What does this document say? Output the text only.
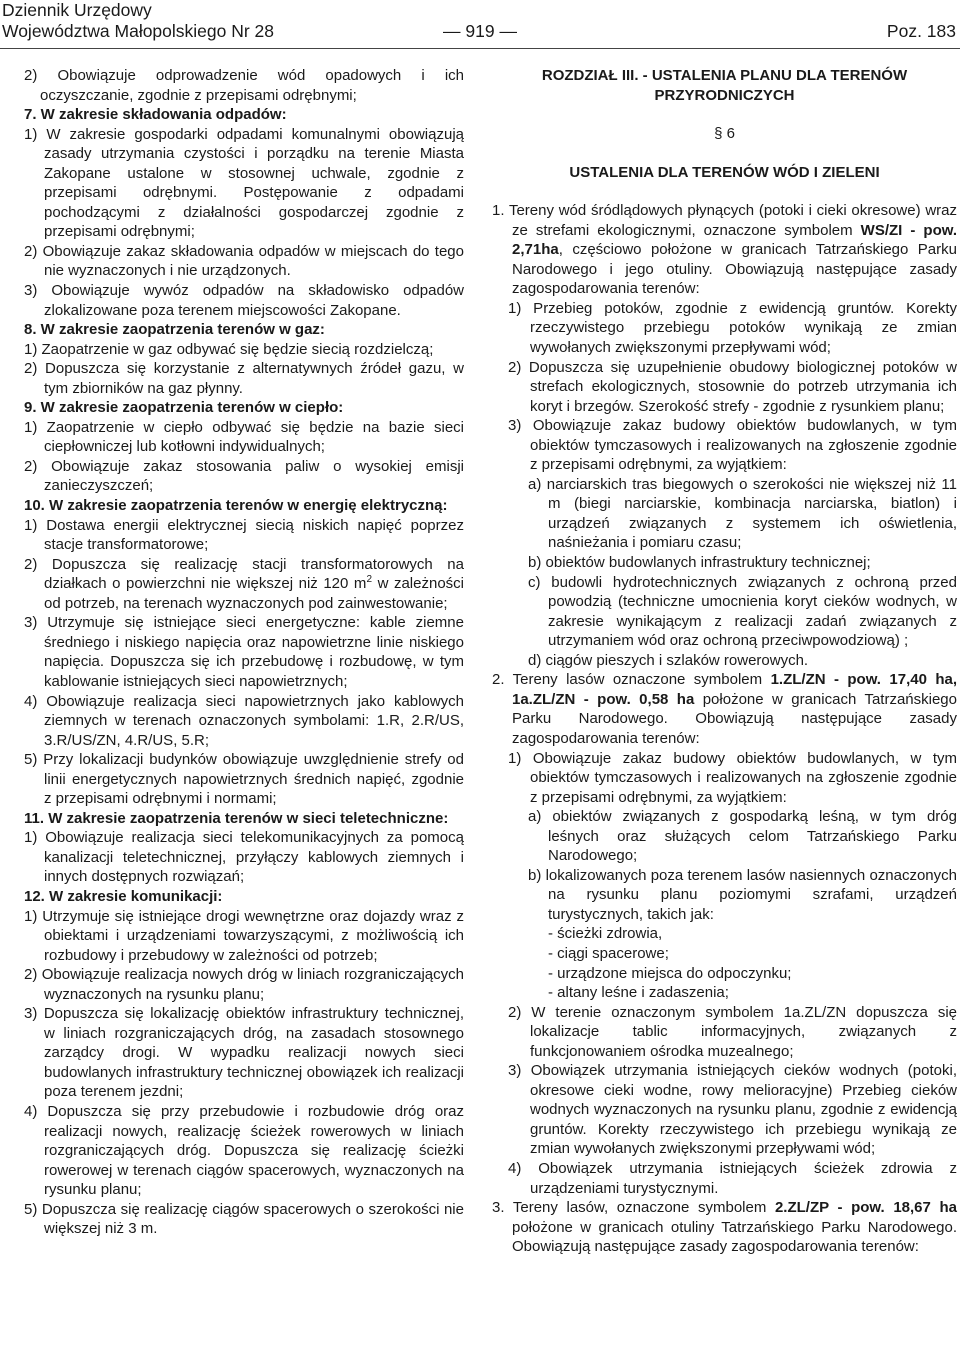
Dziennik Urzędowy
Województwa Małopolskiego Nr 28	— 919 —	Poz. 183

2) Obowiązuje odprowadzenie wód opadowych i ich oczyszczanie, zgodnie z przepisami odrębnymi;

7. W zakresie składowania odpadów:

1) W zakresie gospodarki odpadami komunalnymi obowiązują zasady utrzymania czystości i porządku na terenie Miasta Zakopane ustalone w stosownej uchwale, zgodnie z przepisami odrębnymi. Postępowanie z odpadami pochodzącymi z działalności gospodarczej zgodnie z przepisami odrębnymi;

2) Obowiązuje zakaz składowania odpadów w miejscach do tego nie wyznaczonych i nie urządzonych.

3) Obowiązuje wywóz odpadów na składowisko odpadów zlokalizowane poza terenem miejscowości Zakopane.

8. W zakresie zaopatrzenia terenów w gaz:

1) Zaopatrzenie w gaz odbywać się będzie siecią rozdzielczą;

2) Dopuszcza się korzystanie z alternatywnych źródeł gazu, w tym zbiorników na gaz płynny.

9. W zakresie zaopatrzenia terenów w ciepło:

1) Zaopatrzenie w ciepło odbywać się będzie na bazie sieci ciepłowniczej lub kotłowni indywidualnych;

2) Obowiązuje zakaz stosowania paliw o wysokiej emisji zanieczyszczeń;

10. W zakresie zaopatrzenia terenów w energię elektryczną:

1) Dostawa energii elektrycznej siecią niskich napięć poprzez stacje transformatorowe;

2) Dopuszcza się realizację stacji transformatorowych na działkach o powierzchni nie większej niż 120 $m^2$ w zależności od potrzeb, na terenach wyznaczonych pod zainwestowanie;

3) Utrzymuje się istniejące sieci energetyczne: kable ziemne średniego i niskiego napięcia oraz napowietrzne linie niskiego napięcia. Dopuszcza się ich przebudowę i rozbudowę, w tym kablowanie istniejących sieci napowietrznych;

4) Obowiązuje realizacja sieci napowietrznych jako kablowych ziemnych w terenach oznaczonych symbolami: 1.R, 2.R/US, 3.R/US/ZN, 4.R/US, 5.R;

5) Przy lokalizacji budynków obowiązuje uwzględnienie strefy od linii energetycznych napowietrznych średnich napięć, zgodnie z przepisami odrębnymi i normami;

11. W zakresie zaopatrzenia terenów w sieci teletechniczne:

1) Obowiązuje realizacja sieci telekomunikacyjnych za pomocą kanalizacji teletechnicznej, przyłączy kablowych ziemnych i innych dostępnych rozwiązań;

12. W zakresie komunikacji:

1) Utrzymuje się istniejące drogi wewnętrzne oraz dojazdy wraz z obiektami i urządzeniami towarzyszącymi, z możliwością ich rozbudowy i przebudowy w zależności od potrzeb;

2) Obowiązuje realizacja nowych dróg w liniach rozgraniczających wyznaczonych na rysunku planu;

3) Dopuszcza się lokalizację obiektów infrastruktury technicznej, w liniach rozgraniczających dróg, na zasadach stosownego zarządcy drogi. W wypadku realizacji nowych sieci budowlanych infrastruktury technicznej obowiązek ich realizacji poza terenem jezdni;

4) Dopuszcza się przy przebudowie i rozbudowie dróg oraz realizacji nowych, realizację ścieżek rowerowych w liniach rozgraniczających dróg. Dopuszcza się realizację ścieżki rowerowej w terenach ciągów spacerowych, wyznaczonych na rysunku planu;

5) Dopuszcza się realizację ciągów spacerowych o szerokości nie większej niż 3 m.

ROZDZIAŁ III. - USTALENIA PLANU DLA TERENÓW PRZYRODNICZYCH

§ 6

USTALENIA DLA TERENÓW WÓD I ZIELENI

1. Tereny wód śródlądowych płynących (potoki i cieki okresowe) wraz ze strefami ekologicznymi, oznaczone symbolem WS/ZI - pow. 2,71ha, częściowo położone w granicach Tatrzańskiego Parku Narodowego i jego otuliny. Obowiązują następujące zasady zagospodarowania terenów:

1) Przebieg potoków, zgodnie z ewidencją gruntów. Korekty rzeczywistego przebiegu potoków wynikają ze zmian wywołanych zwiększonymi przepływami wód;

2) Dopuszcza się uzupełnienie obudowy biologicznej potoków w strefach ekologicznych, stosownie do potrzeb utrzymania ich koryt i brzegów. Szerokość strefy - zgodnie z rysunkiem planu;

3) Obowiązuje zakaz budowy obiektów budowlanych, w tym obiektów tymczasowych i realizowanych na zgłoszenie zgodnie z przepisami odrębnymi, za wyjątkiem:

a) narciarskich tras biegowych o szerokości nie większej niż 11 m (biegi narciarskie, kombinacja narciarska, biatlon) i urządzeń związanych z systemem ich oświetlenia, naśnieżania i pomiaru czasu;

b) obiektów budowlanych infrastruktury technicznej;

c) budowli hydrotechnicznych związanych z ochroną przed powodzią (techniczne umocnienia koryt cieków wodnych, w zakresie wynikającym z realizacji zadań związanych z utrzymaniem wód oraz ochroną przeciwpowodziową) ;

d) ciągów pieszych i szlaków rowerowych.

2. Tereny lasów oznaczone symbolem 1.ZL/ZN - pow. 17,40 ha, 1a.ZL/ZN - pow. 0,58 ha położone w granicach Tatrzańskiego Parku Narodowego. Obowiązują następujące zasady zagospodarowania terenów:

1) Obowiązuje zakaz budowy obiektów budowlanych, w tym obiektów tymczasowych i realizowanych na zgłoszenie zgodnie z przepisami odrębnymi, za wyjątkiem:

a) obiektów związanych z gospodarką leśną, w tym dróg leśnych oraz służących celom Tatrzańskiego Parku Narodowego;

b) lokalizowanych poza terenem lasów nasiennych oznaczonych na rysunku planu poziomymi szrafami, urządzeń turystycznych, takich jak:

- ścieżki zdrowia,

- ciągi spacerowe;

- urządzone miejsca do odpoczynku;

- altany leśne i zadaszenia;

2) W terenie oznaczonym symbolem 1a.ZL/ZN dopuszcza się lokalizacje tablic informacyjnych, związanych z funkcjonowaniem ośrodka muzealnego;

3) Obowiązek utrzymania istniejących cieków wodnych (potoki, okresowe cieki wodne, rowy melioracyjne) Przebieg cieków wodnych wyznaczonych na rysunku planu, zgodnie z ewidencją gruntów. Korekty rzeczywistego ich przebiegu wynikają ze zmian wywołanych zwiększonymi przepływami wód;

4) Obowiązek utrzymania istniejących ścieżek zdrowia z urządzeniami turystycznymi.

3. Tereny lasów, oznaczone symbolem 2.ZL/ZP - pow. 18,67 ha położone w granicach otuliny Tatrzańskiego Parku Narodowego. Obowiązują następujące zasady zagospodarowania terenów:
